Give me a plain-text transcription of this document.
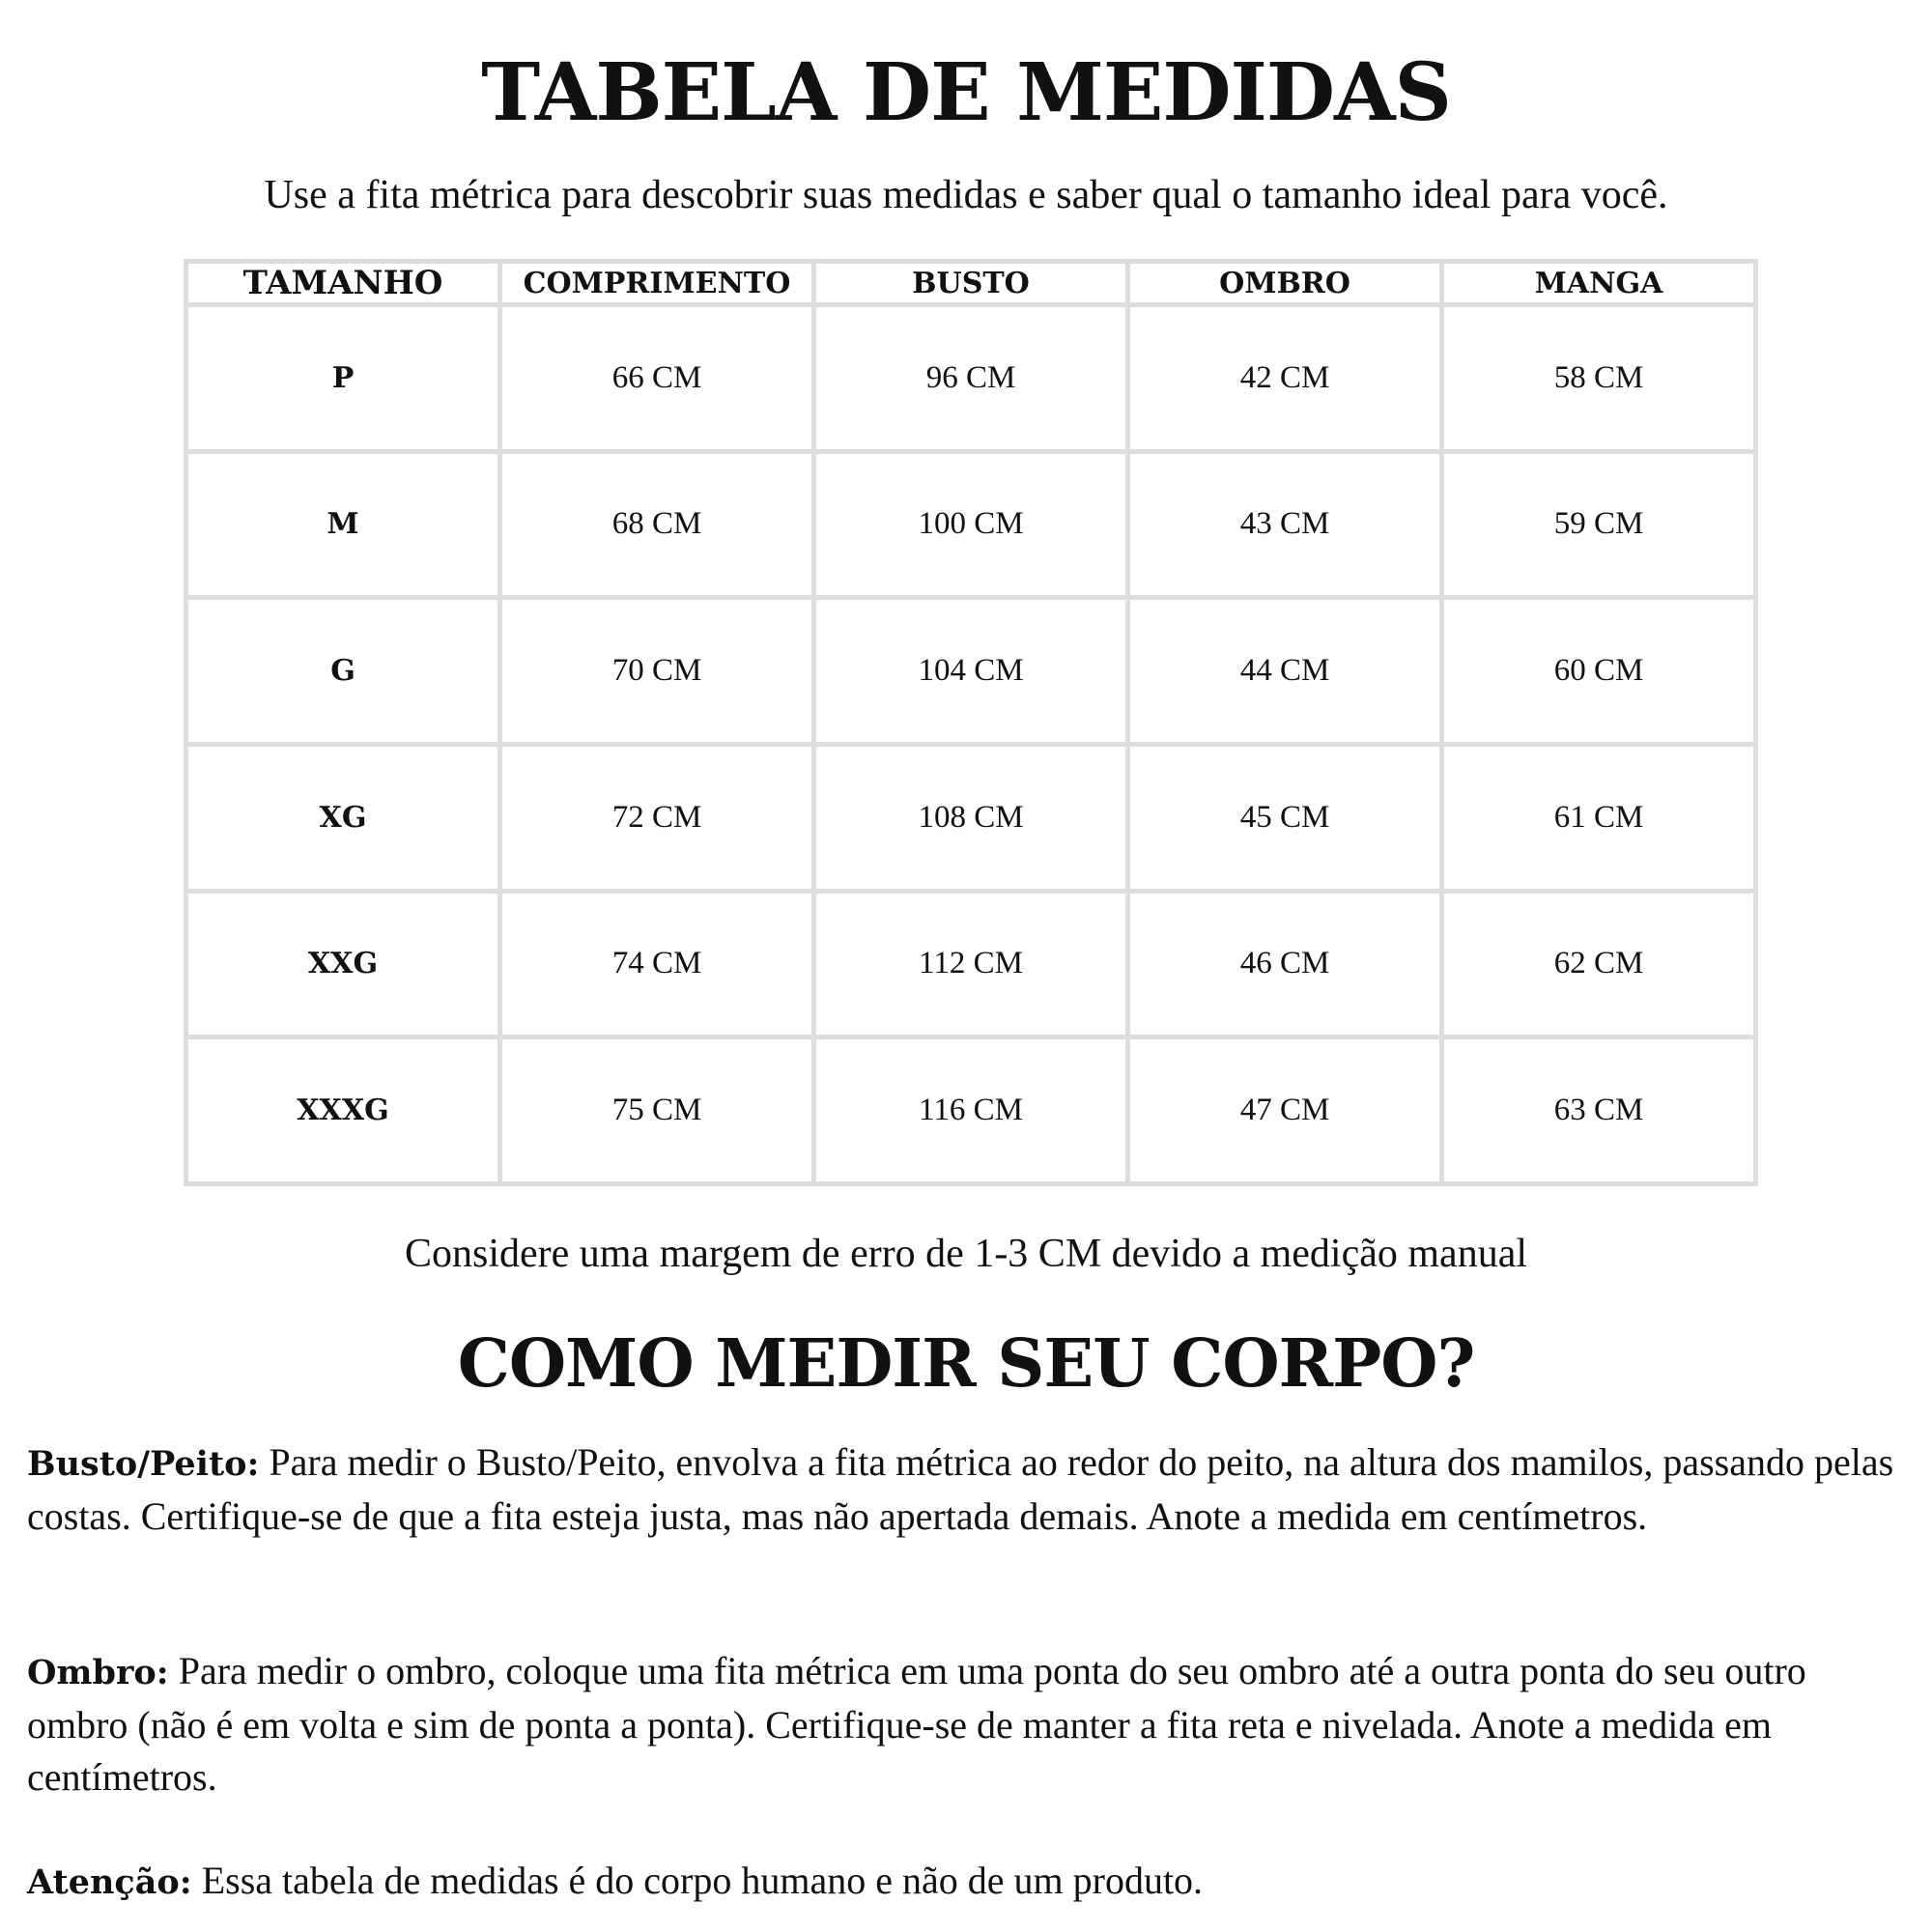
TABELA DE MEDIDAS

Use a fita métrica para descobrir suas medidas e saber qual o tamanho ideal para você.

TAMANHO	COMPRIMENTO	BUSTO	OMBRO	MANGA
P	66 CM	96 CM	42 CM	58 CM
M	68 CM	100 CM	43 CM	59 CM
G	70 CM	104 CM	44 CM	60 CM
XG	72 CM	108 CM	45 CM	61 CM
XXG	74 CM	112 CM	46 CM	62 CM
XXXG	75 CM	116 CM	47 CM	63 CM

Considere uma margem de erro de 1-3 CM devido a medição manual

COMO MEDIR SEU CORPO?

Busto/Peito: Para medir o Busto/Peito, envolva a fita métrica ao redor do peito, na altura dos mamilos, passando pelas costas. Certifique-se de que a fita esteja justa, mas não apertada demais. Anote a medida em centímetros.

Ombro: Para medir o ombro, coloque uma fita métrica em uma ponta do seu ombro até a outra ponta do seu outro ombro (não é em volta e sim de ponta a ponta). Certifique-se de manter a fita reta e nivelada. Anote a medida em centímetros.

Atenção: Essa tabela de medidas é do corpo humano e não de um produto.
